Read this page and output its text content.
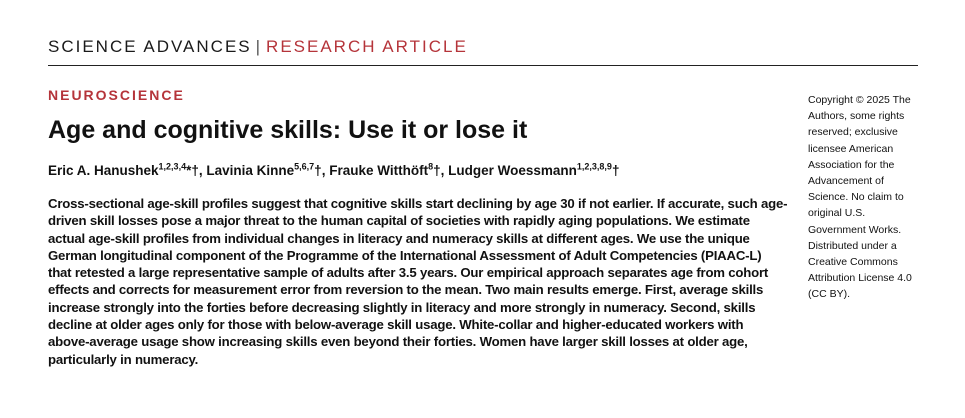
SCIENCE ADVANCES | RESEARCH ARTICLE
NEUROSCIENCE
Age and cognitive skills: Use it or lose it
Eric A. Hanushek$^{1,2,3,4}$*†, Lavinia Kinne$^{5,6,7}$†, Frauke Witthöft$^8$†, Ludger Woessmann$^{1,2,3,8,9}$†

Cross-sectional age-skill profiles suggest that cognitive skills start declining by age 30 if not earlier. If accurate, such age-driven skill losses pose a major threat to the human capital of societies with rapidly aging populations. We estimate actual age-skill profiles from individual changes in literacy and numeracy skills at different ages. We use the unique German longitudinal component of the Programme of the International Assessment of Adult Competencies (PIAAC-L) that retested a large representative sample of adults after 3.5 years. Our empirical approach separates age from cohort effects and corrects for measurement error from reversion to the mean. Two main results emerge. First, average skills increase strongly into the forties before decreasing slightly in literacy and more strongly in numeracy. Second, skills decline at older ages only for those with below-average skill usage. White-collar and higher-educated workers with above-average usage show increasing skills even beyond their forties. Women have larger skill losses at older age, particularly in numeracy.

Copyright © 2025 The Authors, some rights reserved; exclusive licensee American Association for the Advancement of Science. No claim to original U.S. Government Works. Distributed under a Creative Commons Attribution License 4.0 (CC BY).
